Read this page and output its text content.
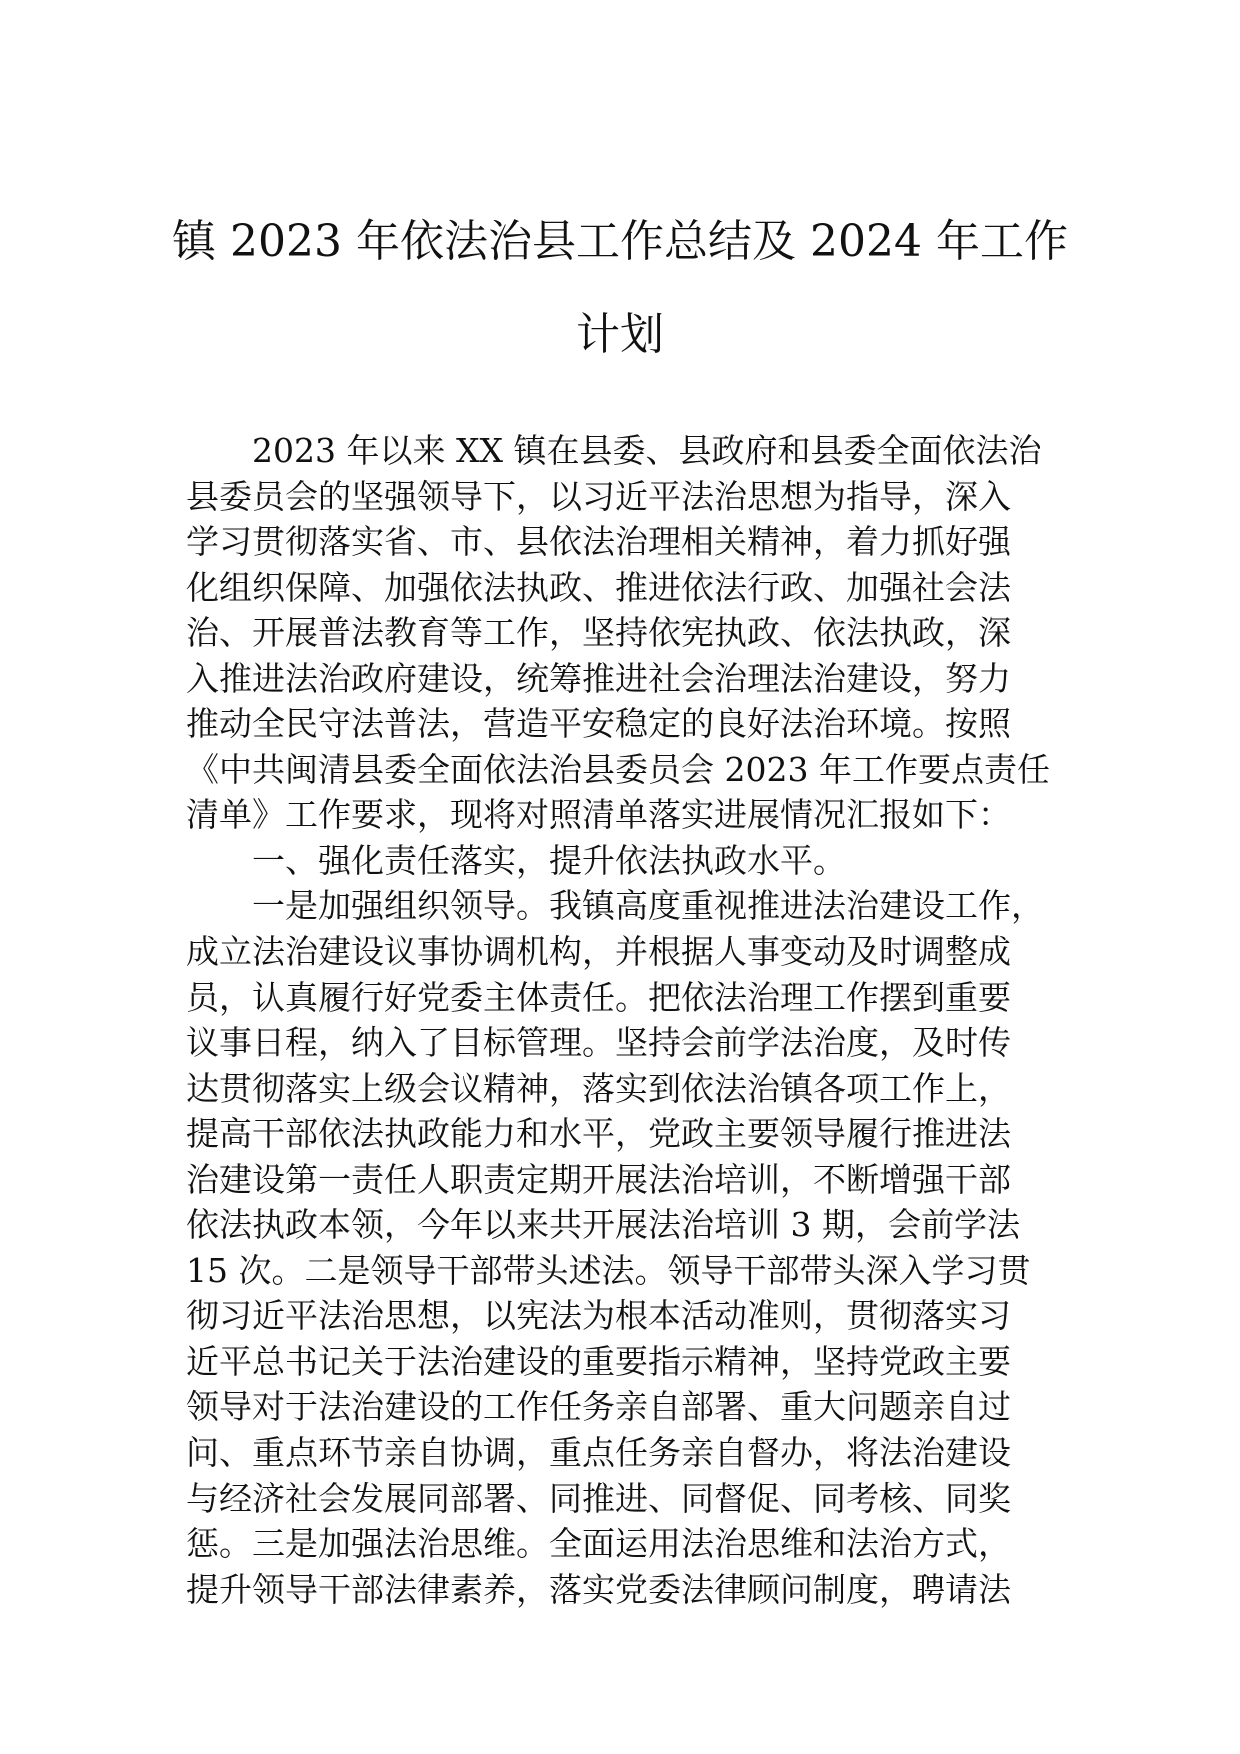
镇 2023 年依法治县工作总结及 2024 年工作
计划
2023 年以来 XX 镇在县委、县政府和县委全面依法治
县委员会的坚强领导下，以习近平法治思想为指导，深入
学习贯彻落实省、市、县依法治理相关精神，着力抓好强
化组织保障、加强依法执政、推进依法行政、加强社会法
治、开展普法教育等工作，坚持依宪执政、依法执政，深
入推进法治政府建设，统筹推进社会治理法治建设，努力
推动全民守法普法，营造平安稳定的良好法治环境。按照
《中共闽清县委全面依法治县委员会 2023 年工作要点责任
清单》工作要求，现将对照清单落实进展情况汇报如下：
一、强化责任落实，提升依法执政水平。
一是加强组织领导。我镇高度重视推进法治建设工作，
成立法治建设议事协调机构，并根据人事变动及时调整成
员，认真履行好党委主体责任。把依法治理工作摆到重要
议事日程，纳入了目标管理。坚持会前学法治度，及时传
达贯彻落实上级会议精神，落实到依法治镇各项工作上，
提高干部依法执政能力和水平，党政主要领导履行推进法
治建设第一责任人职责定期开展法治培训，不断增强干部
依法执政本领，今年以来共开展法治培训 3 期，会前学法
15 次。二是领导干部带头述法。领导干部带头深入学习贯
彻习近平法治思想，以宪法为根本活动准则，贯彻落实习
近平总书记关于法治建设的重要指示精神，坚持党政主要
领导对于法治建设的工作任务亲自部署、重大问题亲自过
问、重点环节亲自协调，重点任务亲自督办，将法治建设
与经济社会发展同部署、同推进、同督促、同考核、同奖
惩。三是加强法治思维。全面运用法治思维和法治方式，
提升领导干部法律素养，落实党委法律顾问制度，聘请法
